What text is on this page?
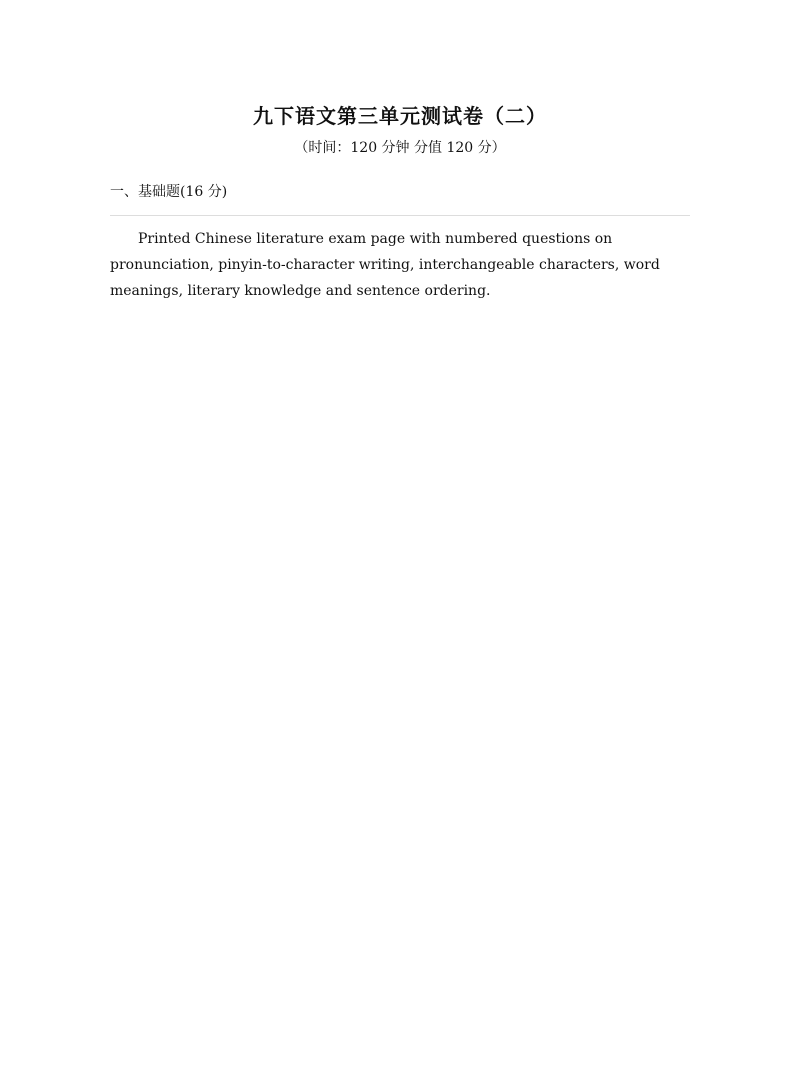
九下语文第三单元测试卷（二）
（时间：120 分钟 分值 120 分）
一、基础题(16 分)
Printed Chinese literature exam page with numbered questions on pronunciation, pinyin-to-character writing, interchangeable characters, word meanings, literary knowledge and sentence ordering.
